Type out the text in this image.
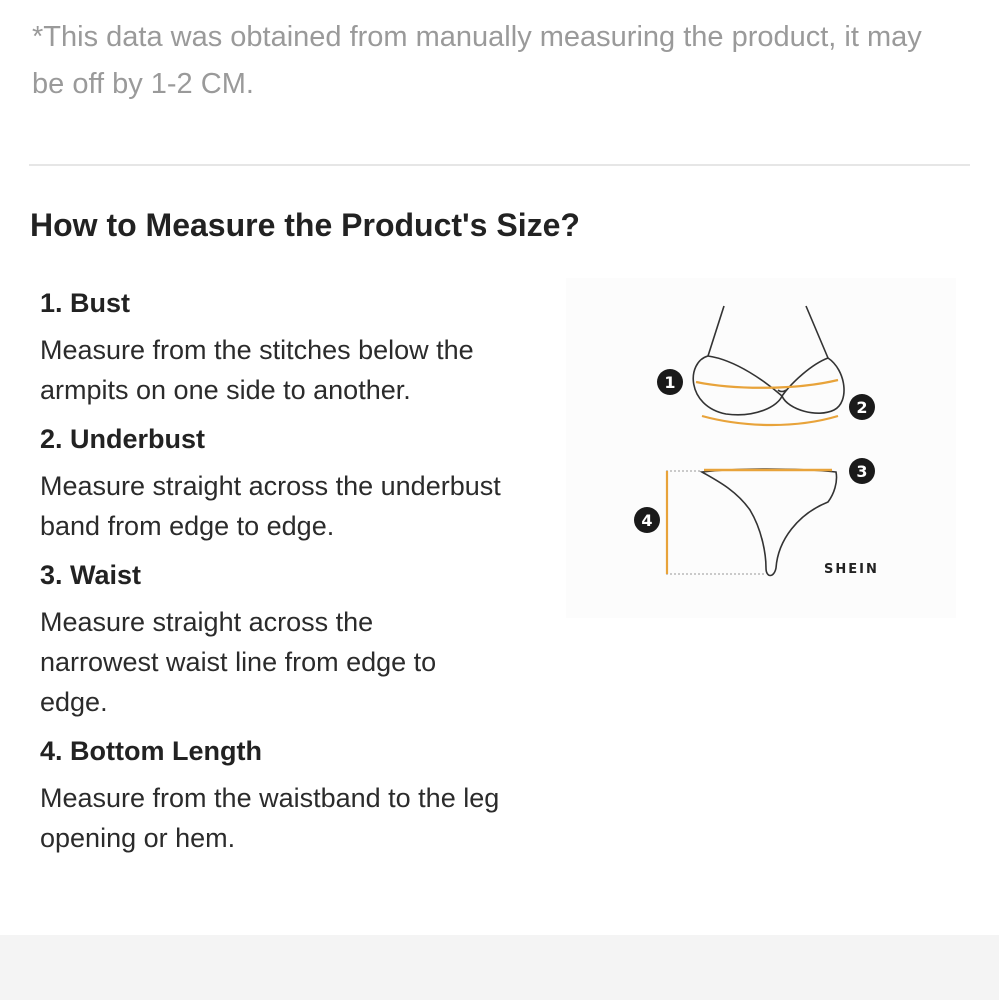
*This data was obtained from manually measuring the product, it may be off by 1-2 CM.
How to Measure the Product's Size?
1. Bust
Measure from the stitches below the armpits on one side to another.
2. Underbust
Measure straight across the underbust band from edge to edge.
3. Waist
Measure straight across the narrowest waist line from edge to edge.
4. Bottom Length
Measure from the waistband to the leg opening or hem.
1
2
3
4
SHEIN
